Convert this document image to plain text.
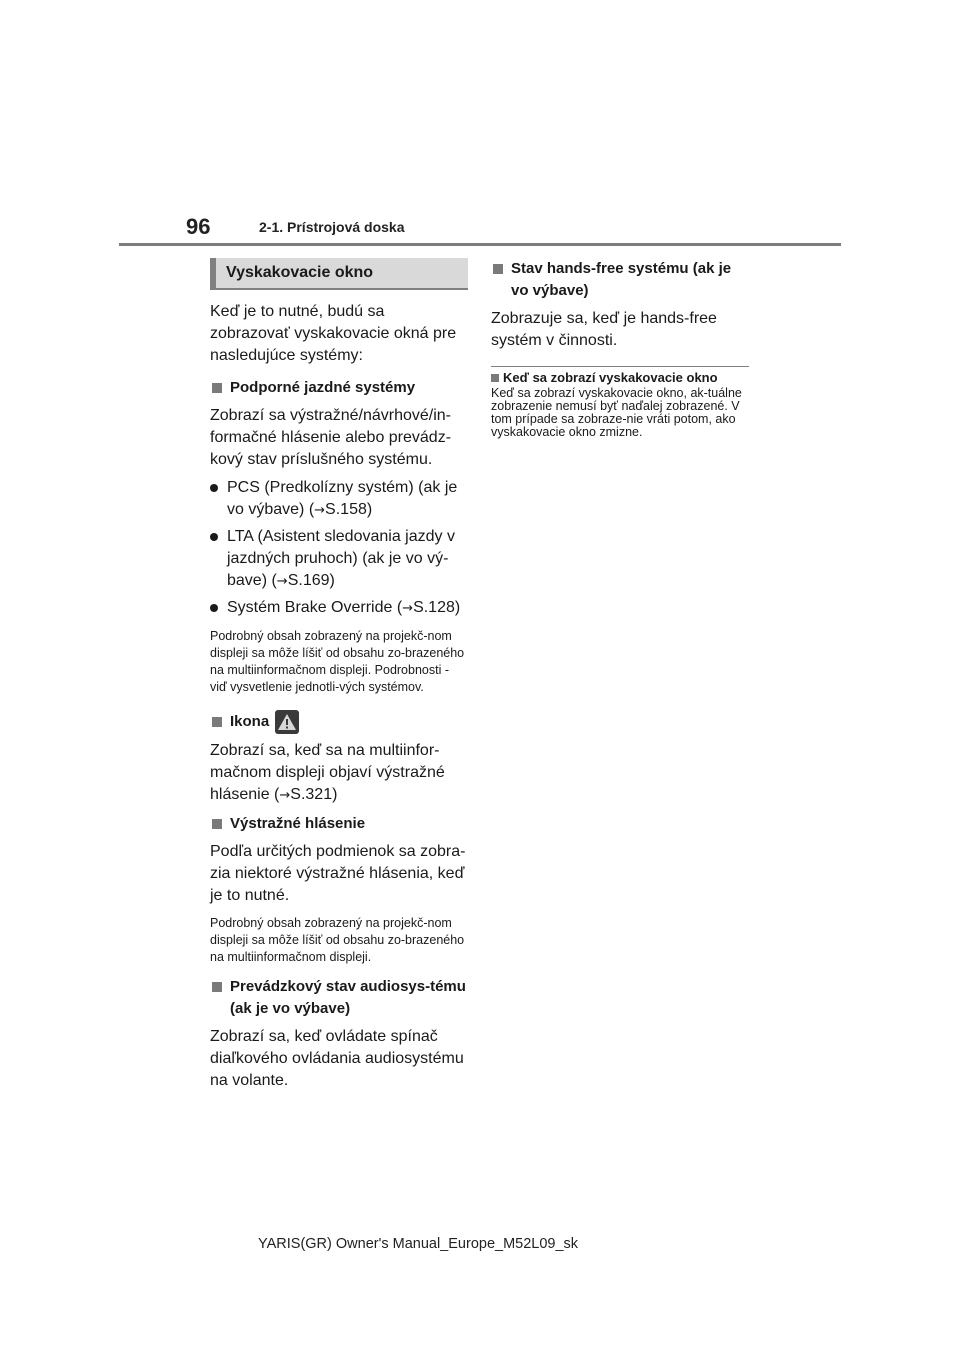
96	2-1. Prístrojová doska
Vyskakovacie okno

Keď je to nutné, budú sa zobrazovať vyskakovacie okná pre nasledujúce systémy:

Podporné jazdné systémy

Zobrazí sa výstražné/návrhové/in-formačné hlásenie alebo prevádz-kový stav príslušného systému.

PCS (Predkolízny systém) (ak je vo výbave) (→S.158)
LTA (Asistent sledovania jazdy v jazdných pruhoch) (ak je vo vý-bave) (→S.169)
Systém Brake Override (→S.128)

Podrobný obsah zobrazený na projekč-nom displeji sa môže líšiť od obsahu zo-brazeného na multiinformačnom displeji. Podrobnosti - viď vysvetlenie jednotli-vých systémov.

Ikona

Zobrazí sa, keď sa na multiinfor-mačnom displeji objaví výstražné hlásenie (→S.321)

Výstražné hlásenie

Podľa určitých podmienok sa zobra-zia niektoré výstražné hlásenia, keď je to nutné.

Podrobný obsah zobrazený na projekč-nom displeji sa môže líšiť od obsahu zo-brazeného na multiinformačnom displeji.

Prevádzkový stav audiosys-tému (ak je vo výbave)

Zobrazí sa, keď ovládate spínač diaľkového ovládania audiosystému na volante.

Stav hands-free systému (ak je vo výbave)

Zobrazuje sa, keď je hands-free systém v činnosti.

Keď sa zobrazí vyskakovacie okno
Keď sa zobrazí vyskakovacie okno, ak-tuálne zobrazenie nemusí byť naďalej zobrazené. V tom prípade sa zobraze-nie vráti potom, ako vyskakovacie okno zmizne.
YARIS(GR) Owner's Manual_Europe_M52L09_sk
